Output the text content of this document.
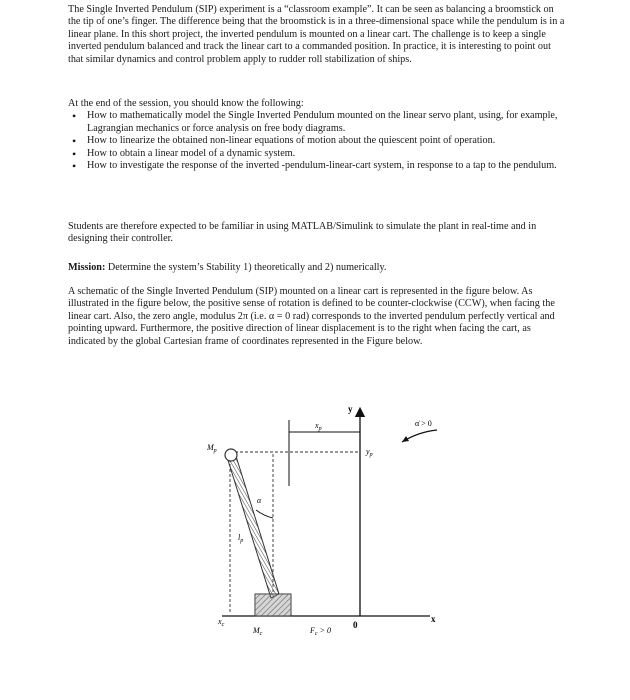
The Single Inverted Pendulum (SIP) experiment is a “classroom example”. It can be seen as balancing a broomstick on the tip of one’s finger. The difference being that the broomstick is in a three-dimensional space while the pendulum is in a linear plane. In this short project, the inverted pendulum is mounted on a linear cart. The challenge is to keep a single inverted pendulum balanced and track the linear cart to a commanded position. In practice, it is interesting to point out that similar dynamics and control problem apply to rudder roll stabilization of ships.
At the end of the session, you should know the following:
• How to mathematically model the Single Inverted Pendulum mounted on the linear servo plant, using, for example, Lagrangian mechanics or force analysis on free body diagrams.
• How to linearize the obtained non-linear equations of motion about the quiescent point of operation.
• How to obtain a linear model of a dynamic system.
• How to investigate the response of the inverted -pendulum-linear-cart system, in response to a tap to the pendulum.
Students are therefore expected to be familiar in using MATLAB/Simulink to simulate the plant in real-time and in designing their controller.
Mission: Determine the system’s Stability 1) theoretically and 2) numerically.
A schematic of the Single Inverted Pendulum (SIP) mounted on a linear cart is represented in the figure below. As illustrated in the figure below, the positive sense of rotation is defined to be counter-clockwise (CCW), when facing the linear cart. Also, the zero angle, modulus 2π (i.e. α = 0 rad) corresponds to the inverted pendulum perfectly vertical and pointing upward. Furthermore, the positive direction of linear displacement is to the right when facing the cart, as indicated by the global Cartesian frame of coordinates represented in the Figure below.
y
x
0
α̇ > 0
$x_p$
$y_p$
$M_p$
α
$l_p$
$x_c$
$M_c$	$F_c > 0$
